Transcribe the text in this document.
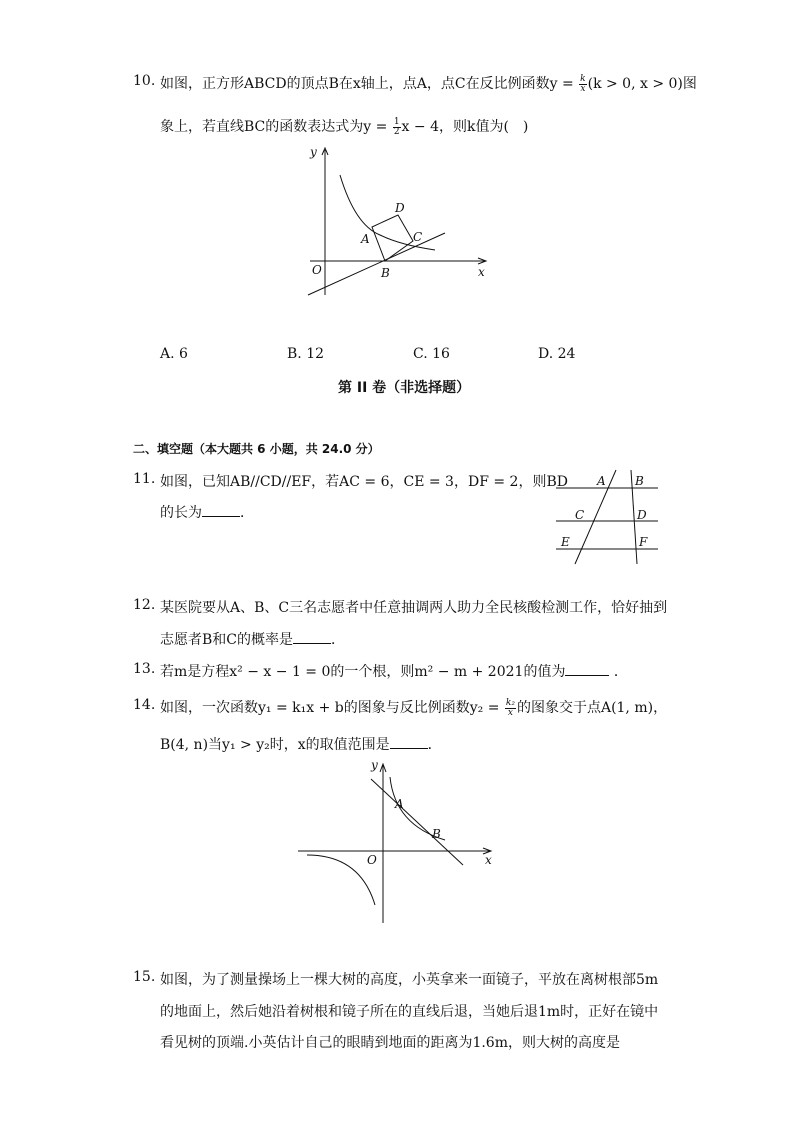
10. 如图，正方形ABCD的顶点B在x轴上，点A，点C在反比例函数$y = \frac{k}{x} (k > 0$, x > 0)图
象上，若直线BC的函数表达式为$y = \frac{1}{2}$ x − 4，则k值为(　)
y
x
O
A
B
C
D
A. 6	B. 12	C. 16	D. 24
第 II 卷（非选择题）
二、填空题（本大题共 6 小题，共 24.0 分）
11. 如图，已知AB//CD//EF，若AC = 6，CE = 3，DF = 2，则BD
的长为	．
A B
C	D
E	F
12. 某医院要从A、B、C三名志愿者中任意抽调两人助力全民核酸检测工作，恰好抽到
志愿者B和C的概率是	．
13. 若m是方程x² − x − 1 = 0的一个根，则m² − m + 2021的值为	．
14. 如图，一次函数y₁ = k₁x + b的图象与反比例函数$y_2 = \frac{\text{k₂}}{x}$ 的图象交于点A(1, m)，
B(4, n)当y₁ > y₂时，x的取值范围是	．
y
x
O
A
B
15. 如图，为了测量操场上一棵大树的高度，小英拿来一面镜子，平放在离树根部5m
的地面上，然后她沿着树根和镜子所在的直线后退，当她后退1m时，正好在镜中
看见树的顶端.小英估计自己的眼睛到地面的距离为1.6m，则大树的高度是
